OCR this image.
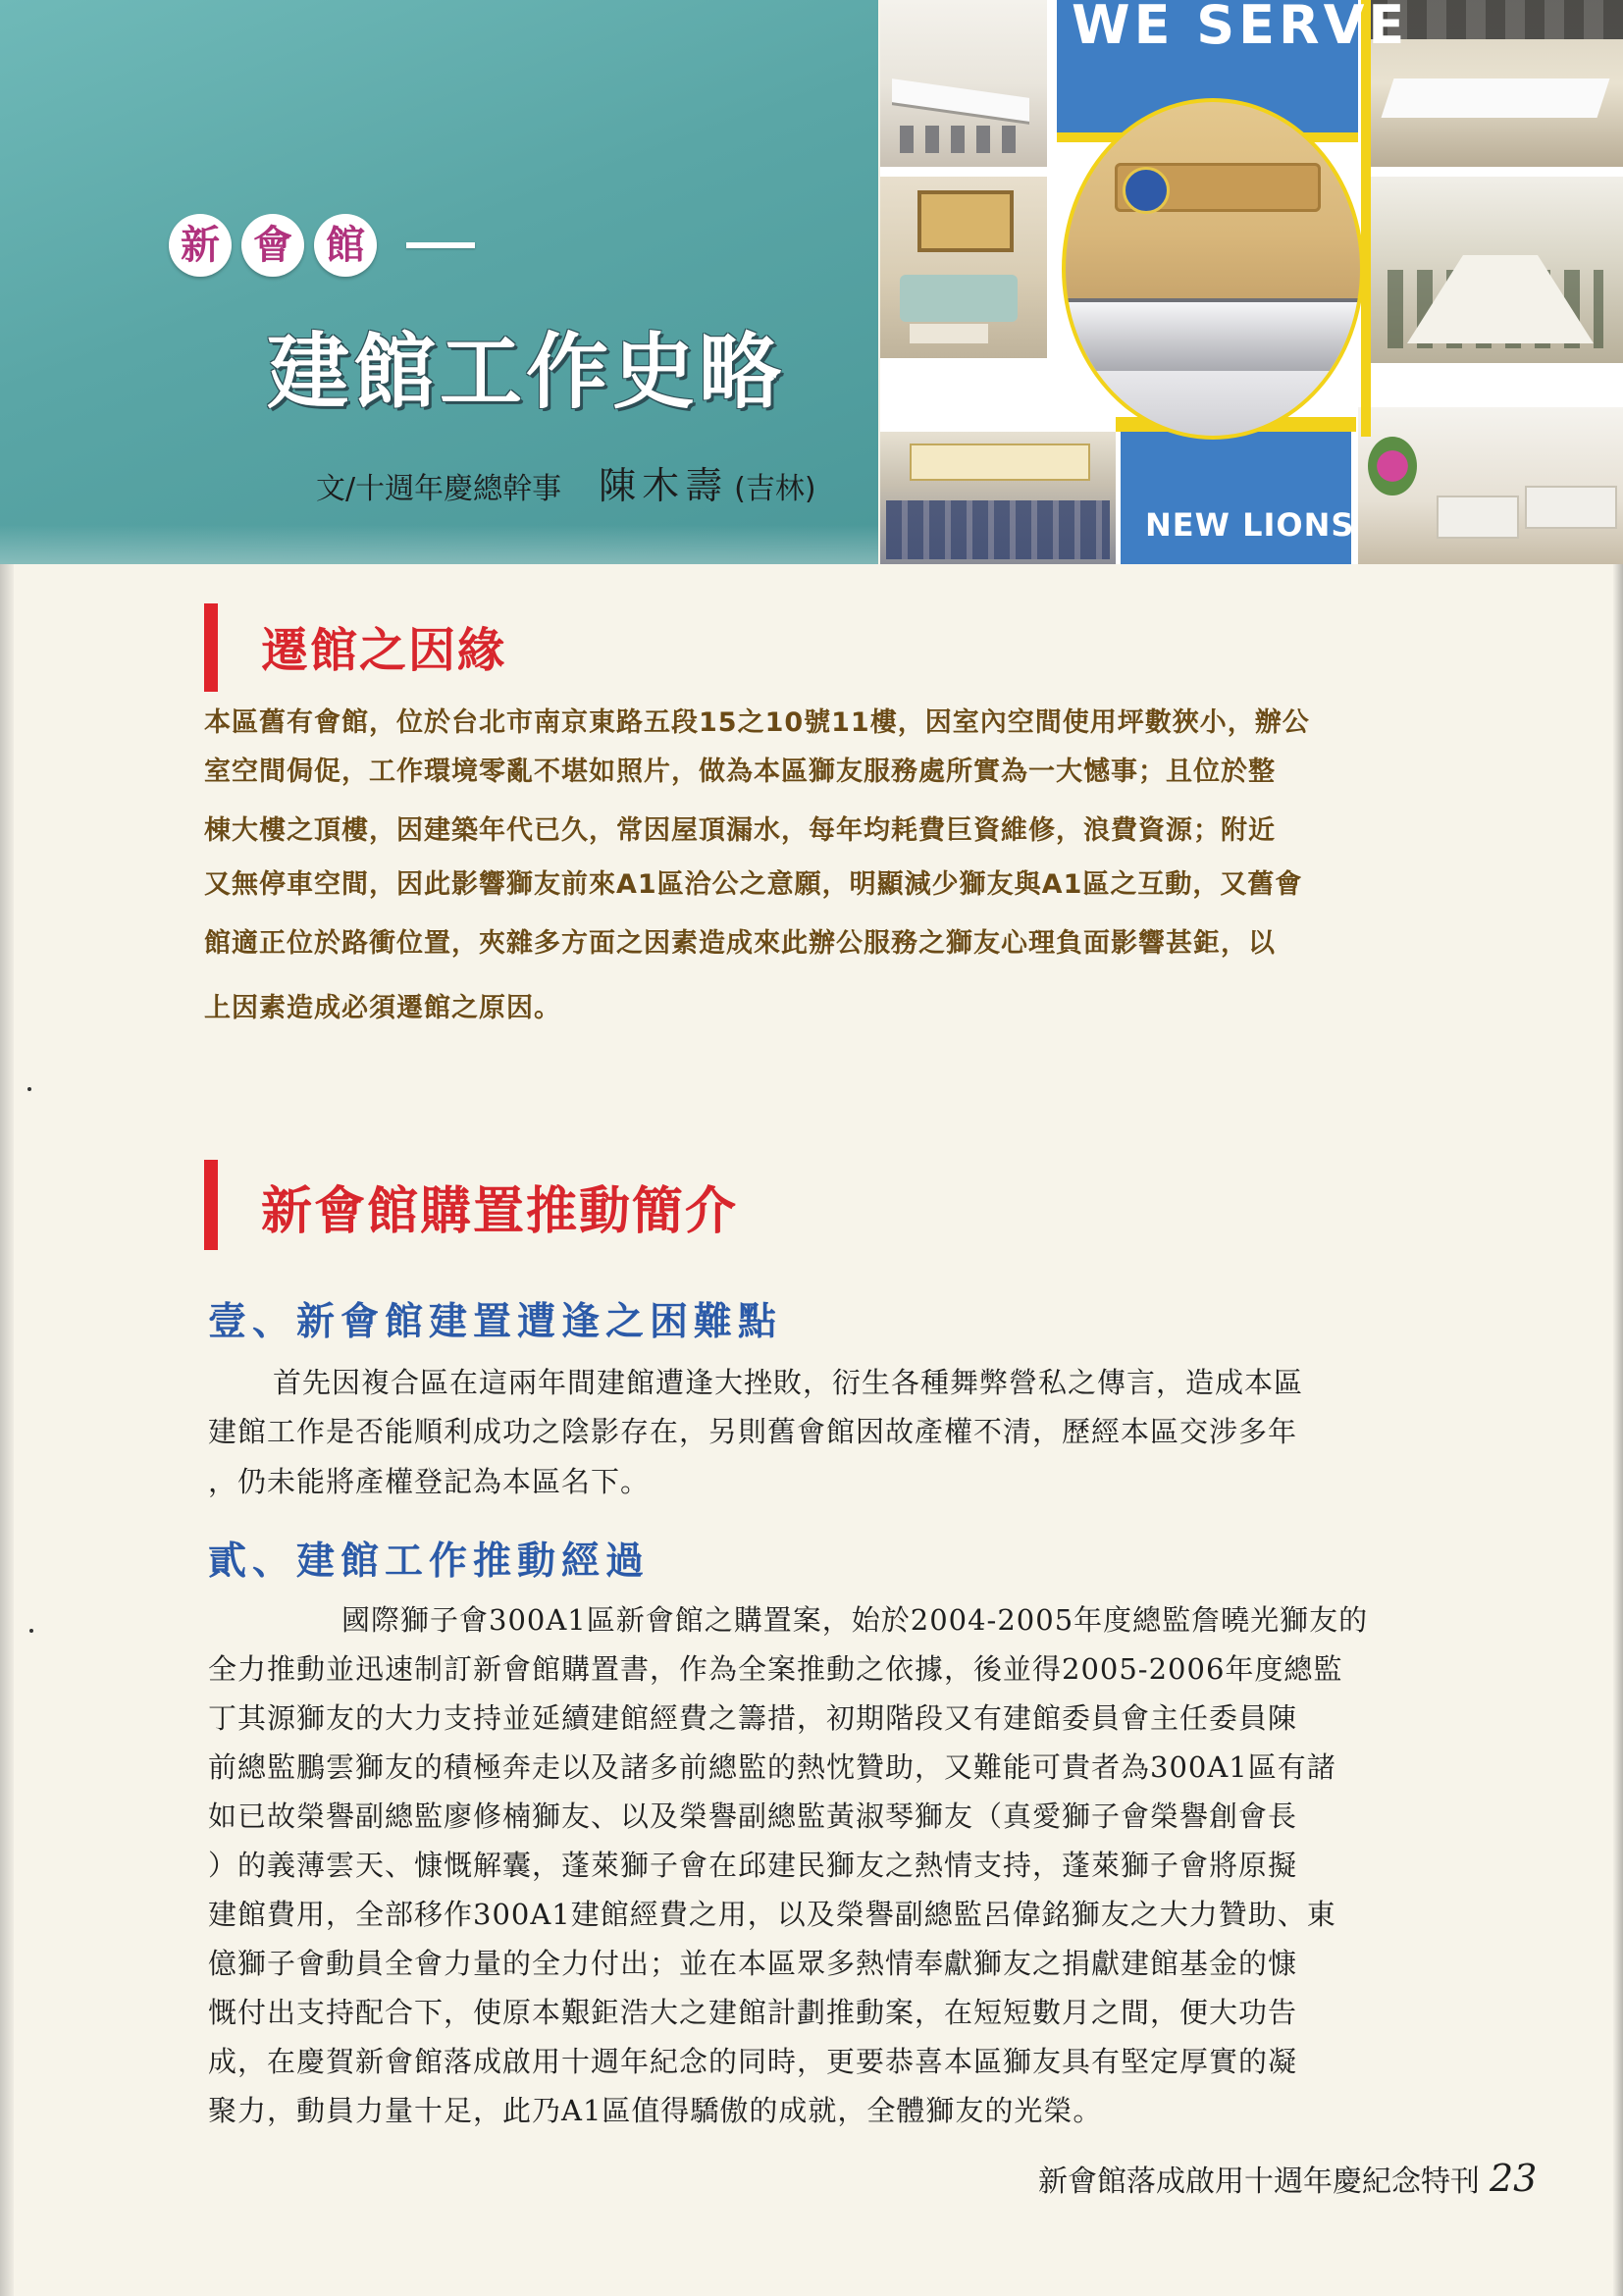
新 會 館
建館工作史略
文/十週年慶總幹事 陳木壽 (吉林)
WE SERVE
NEW LIONS
遷館之因緣

本區舊有會館，位於台北市南京東路五段15之10號11樓，因室內空間使用坪數狹小，辦公

室空間侷促，工作環境零亂不堪如照片，做為本區獅友服務處所實為一大憾事；且位於整

棟大樓之頂樓，因建築年代已久，常因屋頂漏水，每年均耗費巨資維修，浪費資源；附近

又無停車空間，因此影響獅友前來A1區洽公之意願，明顯減少獅友與A1區之互動，又舊會

館適正位於路衝位置，夾雜多方面之因素造成來此辦公服務之獅友心理負面影響甚鉅，以

上因素造成必須遷館之原因。

新會館購置推動簡介
壹、新會館建置遭逢之困難點

首先因複合區在這兩年間建館遭逢大挫敗，衍生各種舞弊營私之傳言，造成本區

建館工作是否能順利成功之陰影存在，另則舊會館因故產權不清，歷經本區交涉多年

，仍未能將產權登記為本區名下。

貳、建館工作推動經過

國際獅子會300A1區新會館之購置案，始於2004-2005年度總監詹曉光獅友的

全力推動並迅速制訂新會館購置書，作為全案推動之依據，後並得2005-2006年度總監

丁其源獅友的大力支持並延續建館經費之籌措，初期階段又有建館委員會主任委員陳

前總監鵬雲獅友的積極奔走以及諸多前總監的熱忱贊助，又難能可貴者為300A1區有諸

如已故榮譽副總監廖修楠獅友、以及榮譽副總監黃淑琴獅友（真愛獅子會榮譽創會長

）的義薄雲天、慷慨解囊，蓬萊獅子會在邱建民獅友之熱情支持，蓬萊獅子會將原擬

建館費用，全部移作300A1建館經費之用，以及榮譽副總監呂偉銘獅友之大力贊助、東

億獅子會動員全會力量的全力付出；並在本區眾多熱情奉獻獅友之捐獻建館基金的慷

慨付出支持配合下，使原本艱鉅浩大之建館計劃推動案，在短短數月之間，便大功告

成，在慶賀新會館落成啟用十週年紀念的同時，更要恭喜本區獅友具有堅定厚實的凝

聚力，動員力量十足，此乃A1區值得驕傲的成就，全體獅友的光榮。

新會館落成啟用十週年慶紀念特刊 23
